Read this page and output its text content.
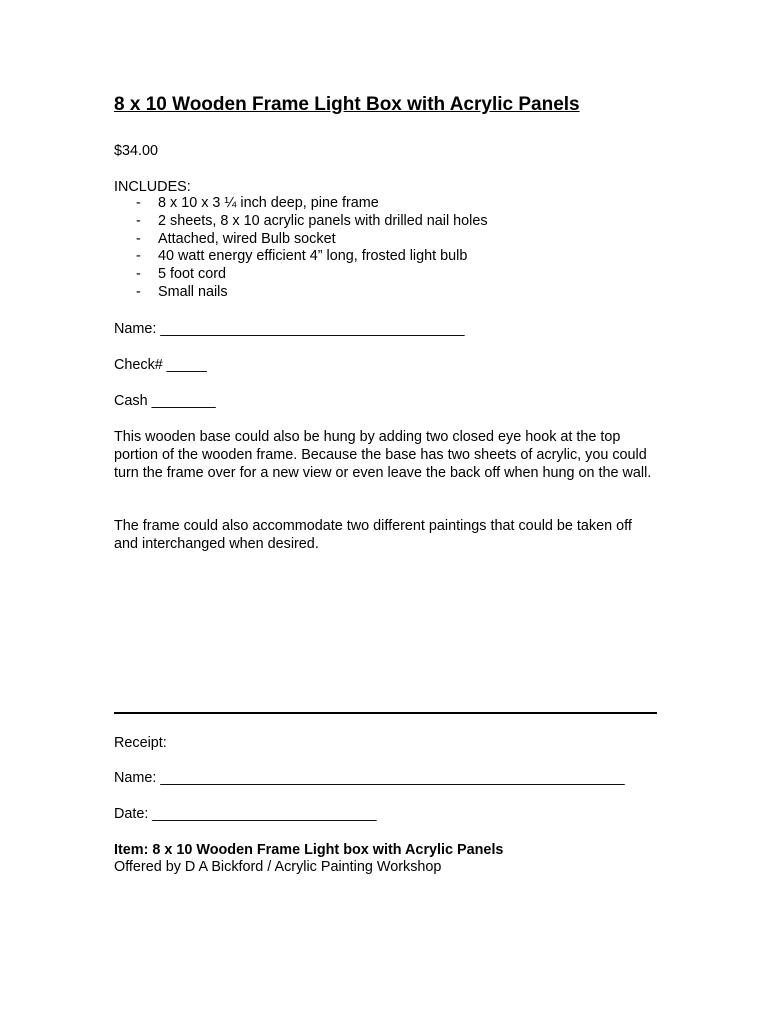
8 x 10 Wooden Frame Light Box with Acrylic Panels

$34.00

INCLUDES:

- 8 x 10 x 3 ¼ inch deep, pine frame
- 2 sheets, 8 x 10 acrylic panels with drilled nail holes
- Attached, wired Bulb socket
- 40 watt energy efficient 4” long, frosted light bulb
- 5 foot cord
- Small nails

Name: ______________________________________

Check# _____

Cash ________

This wooden base could also be hung by adding two closed eye hook at the top portion of the wooden frame. Because the base has two sheets of acrylic, you could turn the frame over for a new view or even leave the back off when hung on the wall.

The frame could also accommodate two different paintings that could be taken off and interchanged when desired.

Receipt:

Name: __________________________________________________________

Date: ____________________________

Item: 8 x 10 Wooden Frame Light box with Acrylic Panels

Offered by D A Bickford / Acrylic Painting Workshop
